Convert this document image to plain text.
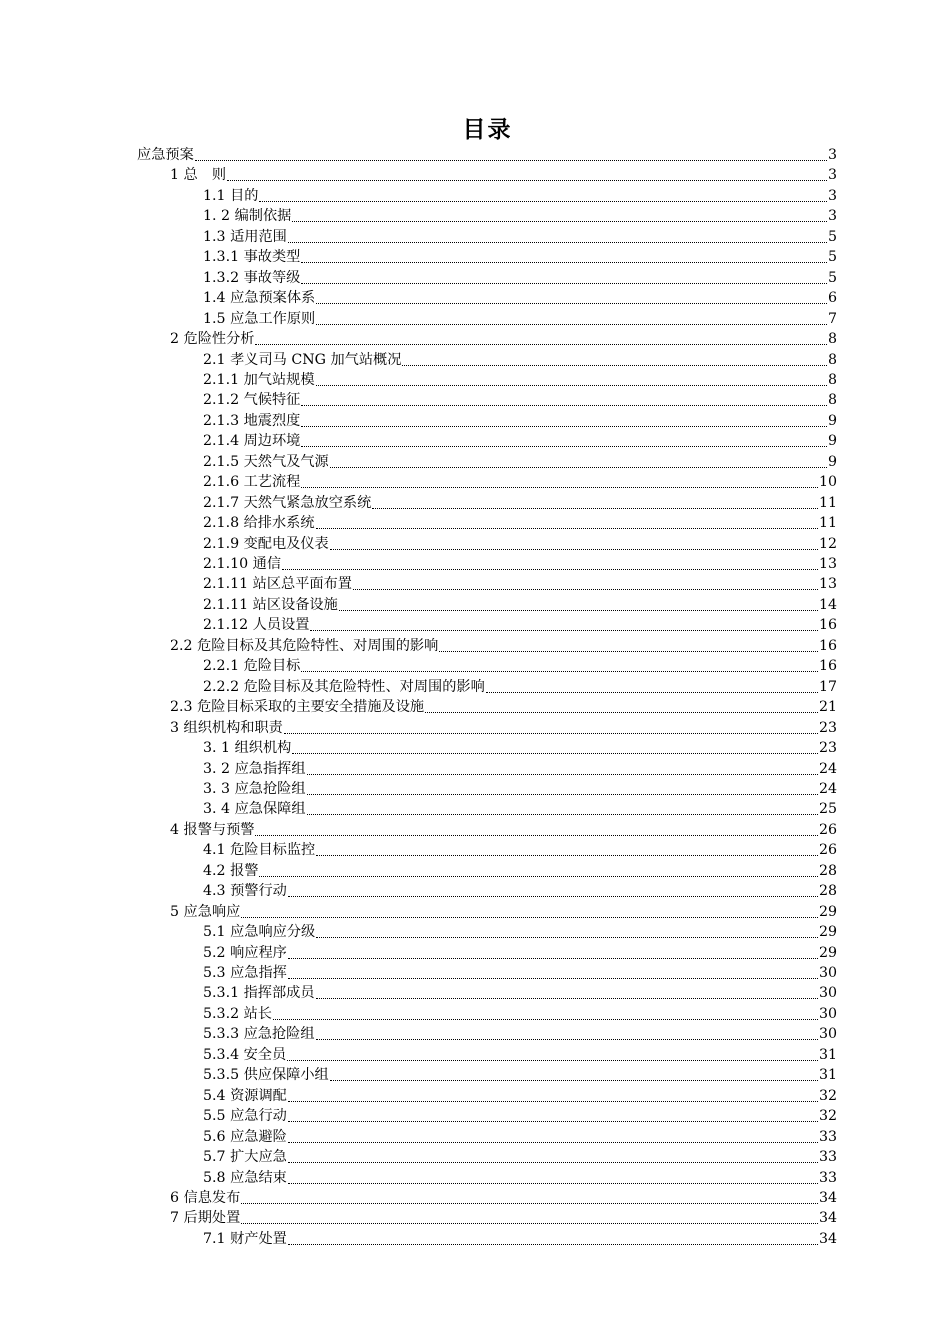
目录
应急预案	3
1 总　则	3
1.1 目的	3
1. 2 编制依据	3
1.3 适用范围	5
1.3.1 事故类型	5
1.3.2 事故等级	5
1.4 应急预案体系	6
1.5 应急工作原则	7
2 危险性分析	8
2.1 孝义司马 CNG 加气站概况	8
2.1.1 加气站规模	8
2.1.2 气候特征	8
2.1.3 地震烈度	9
2.1.4 周边环境	9
2.1.5 天然气及气源	9
2.1.6 工艺流程	10
2.1.7 天然气紧急放空系统	11
2.1.8 给排水系统	11
2.1.9 变配电及仪表	12
2.1.10 通信	13
2.1.11 站区总平面布置	13
2.1.11 站区设备设施	14
2.1.12 人员设置	16
2.2 危险目标及其危险特性、对周围的影响	16
2.2.1 危险目标	16
2.2.2 危险目标及其危险特性、对周围的影响	17
2.3 危险目标采取的主要安全措施及设施	21
3 组织机构和职责	23
3. 1 组织机构	23
3. 2 应急指挥组	24
3. 3 应急抢险组	24
3. 4 应急保障组	25
4 报警与预警	26
4.1 危险目标监控	26
4.2 报警	28
4.3 预警行动	28
5 应急响应	29
5.1 应急响应分级	29
5.2 响应程序	29
5.3 应急指挥	30
5.3.1 指挥部成员	30
5.3.2 站长	30
5.3.3 应急抢险组	30
5.3.4 安全员	31
5.3.5 供应保障小组	31
5.4 资源调配	32
5.5 应急行动	32
5.6 应急避险	33
5.7 扩大应急	33
5.8 应急结束	33
6 信息发布	34
7 后期处置	34
7.1 财产处置	34
